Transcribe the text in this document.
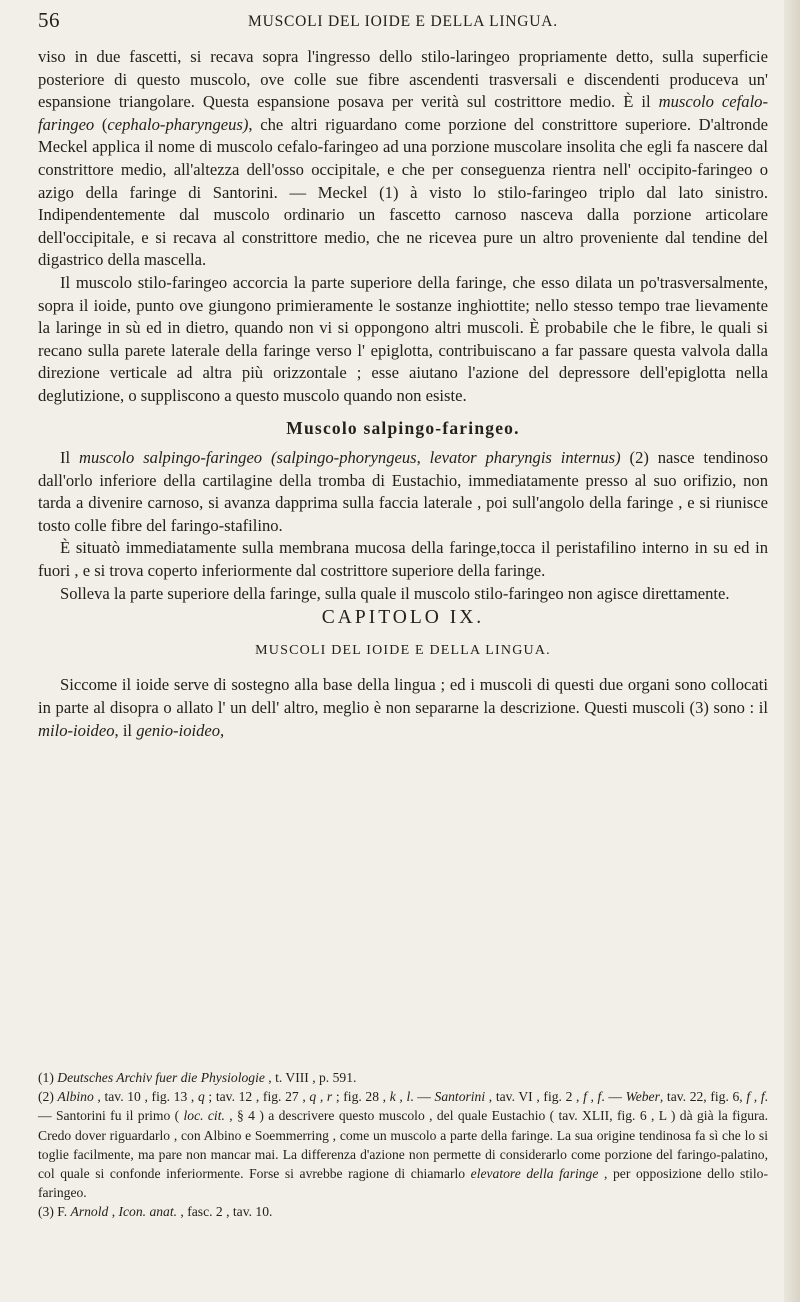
56	MUSCOLI DEL IOIDE E DELLA LINGUA.

viso in due fascetti, si recava sopra l'ingresso dello stilo-laringeo propriamente detto, sulla superficie posteriore di questo muscolo, ove colle sue fibre ascendenti trasversali e discendenti produceva un' espansione triangolare. Questa espansione posava per verità sul costrittore medio. È il muscolo cefalo-faringeo (cephalo-pharyngeus), che altri riguardano come porzione del constrittore superiore. D'altronde Meckel applica il nome di muscolo cefalo-faringeo ad una porzione muscolare insolita che egli fa nascere dal constrittore medio, all'altezza dell'osso occipitale, e che per conseguenza rientra nell' occipito-faringeo o azigo della faringe di Santorini. — Meckel (1) à visto lo stilo-faringeo triplo dal lato sinistro. Indipendentemente dal muscolo ordinario un fascetto carnoso nasceva dalla porzione articolare dell'occipitale, e si recava al constrittore medio, che ne ricevea pure un altro proveniente dal tendine del digastrico della mascella.

Il muscolo stilo-faringeo accorcia la parte superiore della faringe, che esso dilata un po'trasversalmente, sopra il ioide, punto ove giungono primieramente le sostanze inghiottite; nello stesso tempo trae lievamente la laringe in sù ed in dietro, quando non vi si oppongono altri muscoli. È probabile che le fibre, le quali si recano sulla parete laterale della faringe verso l' epiglotta, contribuiscano a far passare questa valvola dalla direzione verticale ad altra più orizzontale ; esse aiutano l'azione del depressore dell'epiglotta nella deglutizione, o suppliscono a questo muscolo quando non esiste.

Muscolo salpingo-faringeo.

Il muscolo salpingo-faringeo (salpingo-phoryngeus, levator pharyngis internus) (2) nasce tendinoso dall'orlo inferiore della cartilagine della tromba di Eustachio, immediatamente presso al suo orifizio, non tarda a divenire carnoso, si avanza dapprima sulla faccia laterale , poi sull'angolo della faringe , e si riunisce tosto colle fibre del faringo-stafilino.

È situatò immediatamente sulla membrana mucosa della faringe,tocca il peristafilino interno in su ed in fuori , e si trova coperto inferiormente dal costrittore superiore della faringe.

Solleva la parte superiore della faringe, sulla quale il muscolo stilo-faringeo non agisce direttamente.

CAPITOLO IX.
MUSCOLI DEL IOIDE E DELLA LINGUA.

Siccome il ioide serve di sostegno alla base della lingua ; ed i muscoli di questi due organi sono collocati in parte al disopra o allato l' un dell' altro, meglio è non separarne la descrizione. Questi muscoli (3) sono : il milo-ioideo, il genio-ioideo,

(1) Deutsches Archiv fuer die Physiologie , t. VIII , p. 591.

(2) Albino , tav. 10 , fig. 13 , q ; tav. 12 , fig. 27 , q , r ; fig. 28 , k , l. — Santorini , tav. VI , fig. 2 , f , f. — Weber, tav. 22, fig. 6, f , f. — Santorini fu il primo ( loc. cit. , § 4 ) a descrivere questo muscolo , del quale Eustachio ( tav. XLII, fig. 6 , L ) dà già la figura. Credo dover riguardarlo , con Albino e Soemmerring , come un muscolo a parte della faringe. La sua origine tendinosa fa sì che lo si toglie facilmente, ma pare non mancar mai. La differenza d'azione non permette di considerarlo come porzione del faringo-palatino, col quale si confonde inferiormente. Forse si avrebbe ragione di chiamarlo elevatore della faringe , per opposizione dello stilo-faringeo.

(3) F. Arnold , Icon. anat. , fasc. 2 , tav. 10.
